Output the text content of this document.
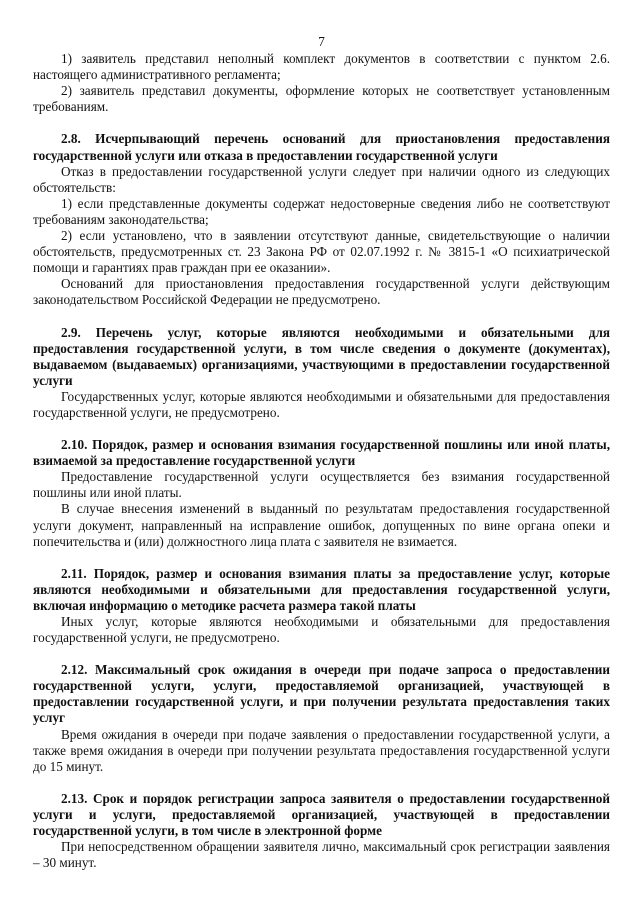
7

1) заявитель представил неполный комплект документов в соответствии с пунктом 2.6. настоящего административного регламента;

2) заявитель представил документы, оформление которых не соответствует установленным требованиям.

2.8. Исчерпывающий перечень оснований для приостановления предоставления государственной услуги или отказа в предоставлении государственной услуги

Отказ в предоставлении государственной услуги следует при наличии одного из следующих обстоятельств:

1) если представленные документы содержат недостоверные сведения либо не соответствуют требованиям законодательства;

2) если установлено, что в заявлении отсутствуют данные, свидетельствующие о наличии обстоятельств, предусмотренных ст. 23 Закона РФ от 02.07.1992 г. № 3815-1 «О психиатрической помощи и гарантиях прав граждан при ее оказании».

Оснований для приостановления предоставления государственной услуги действующим законодательством Российской Федерации не предусмотрено.

2.9. Перечень услуг, которые являются необходимыми и обязательными для предоставления государственной услуги, в том числе сведения о документе (документах), выдаваемом (выдаваемых) организациями, участвующими в предоставлении государственной услуги

Государственных услуг, которые являются необходимыми и обязательными для предоставления государственной услуги, не предусмотрено.

2.10. Порядок, размер и основания взимания государственной пошлины или иной платы, взимаемой за предоставление государственной услуги

Предоставление государственной услуги осуществляется без взимания государственной пошлины или иной платы.

В случае внесения изменений в выданный по результатам предоставления государственной услуги документ, направленный на исправление ошибок, допущенных по вине органа опеки и попечительства и (или) должностного лица плата с заявителя не взимается.

2.11. Порядок, размер и основания взимания платы за предоставление услуг, которые являются необходимыми и обязательными для предоставления государственной услуги, включая информацию о методике расчета размера такой платы

Иных услуг, которые являются необходимыми и обязательными для предоставления государственной услуги, не предусмотрено.

2.12. Максимальный срок ожидания в очереди при подаче запроса о предоставлении государственной услуги, услуги, предоставляемой организацией, участвующей в предоставлении государственной услуги, и при получении результата предоставления таких услуг

Время ожидания в очереди при подаче заявления о предоставлении государственной услуги, а также время ожидания в очереди при получении результата предоставления государственной услуги до 15 минут.

2.13. Срок и порядок регистрации запроса заявителя о предоставлении государственной услуги и услуги, предоставляемой организацией, участвующей в предоставлении государственной услуги, в том числе в электронной форме

При непосредственном обращении заявителя лично, максимальный срок регистрации заявления – 30 минут.
